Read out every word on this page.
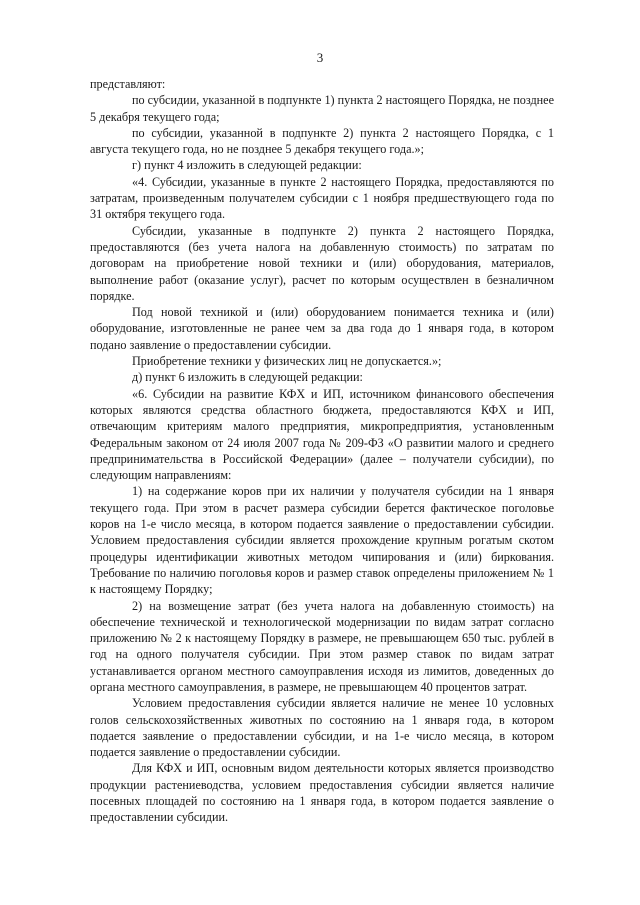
3

представляют:

по субсидии, указанной в подпункте 1) пункта 2 настоящего Порядка, не позднее 5 декабря текущего года;

по субсидии, указанной в подпункте 2) пункта 2 настоящего Порядка, с 1 августа текущего года, но не позднее 5 декабря текущего года.»;

г) пункт 4 изложить в следующей редакции:

«4. Субсидии, указанные в пункте 2 настоящего Порядка, предоставляются по затратам, произведенным получателем субсидии с 1 ноября предшествующего года по 31 октября текущего года.

Субсидии, указанные в подпункте 2) пункта 2 настоящего Порядка, предоставляются (без учета налога на добавленную стоимость) по затратам по договорам на приобретение новой техники и (или) оборудования, материалов, выполнение работ (оказание услуг), расчет по которым осуществлен в безналичном порядке.

Под новой техникой и (или) оборудованием понимается техника и (или) оборудование, изготовленные не ранее чем за два года до 1 января года, в котором подано заявление о предоставлении субсидии.

Приобретение техники у физических лиц не допускается.»;

д) пункт 6 изложить в следующей редакции:

«6. Субсидии на развитие КФХ и ИП, источником финансового обеспечения которых являются средства областного бюджета, предоставляются КФХ и ИП, отвечающим критериям малого предприятия, микропредприятия, установленным Федеральным законом от 24 июля 2007 года № 209-ФЗ «О развитии малого и среднего предпринимательства в Российской Федерации» (далее – получатели субсидии), по следующим направлениям:

1) на содержание коров при их наличии у получателя субсидии на 1 января текущего года. При этом в расчет размера субсидии берется фактическое поголовье коров на 1-е число месяца, в котором подается заявление о предоставлении субсидии. Условием предоставления субсидии является прохождение крупным рогатым скотом процедуры идентификации животных методом чипирования и (или) биркования. Требование по наличию поголовья коров и размер ставок определены приложением № 1 к настоящему Порядку;

2) на возмещение затрат (без учета налога на добавленную стоимость) на обеспечение технической и технологической модернизации по видам затрат согласно приложению № 2 к настоящему Порядку в размере, не превышающем 650 тыс. рублей в год на одного получателя субсидии. При этом размер ставок по видам затрат устанавливается органом местного самоуправления исходя из лимитов, доведенных до органа местного самоуправления, в размере, не превышающем 40 процентов затрат.

Условием предоставления субсидии является наличие не менее 10 условных голов сельскохозяйственных животных по состоянию на 1 января года, в котором подается заявление о предоставлении субсидии, и на 1-е число месяца, в котором подается заявление о предоставлении субсидии.

Для КФХ и ИП, основным видом деятельности которых является производство продукции растениеводства, условием предоставления субсидии является наличие посевных площадей по состоянию на 1 января года, в котором подается заявление о предоставлении субсидии.
